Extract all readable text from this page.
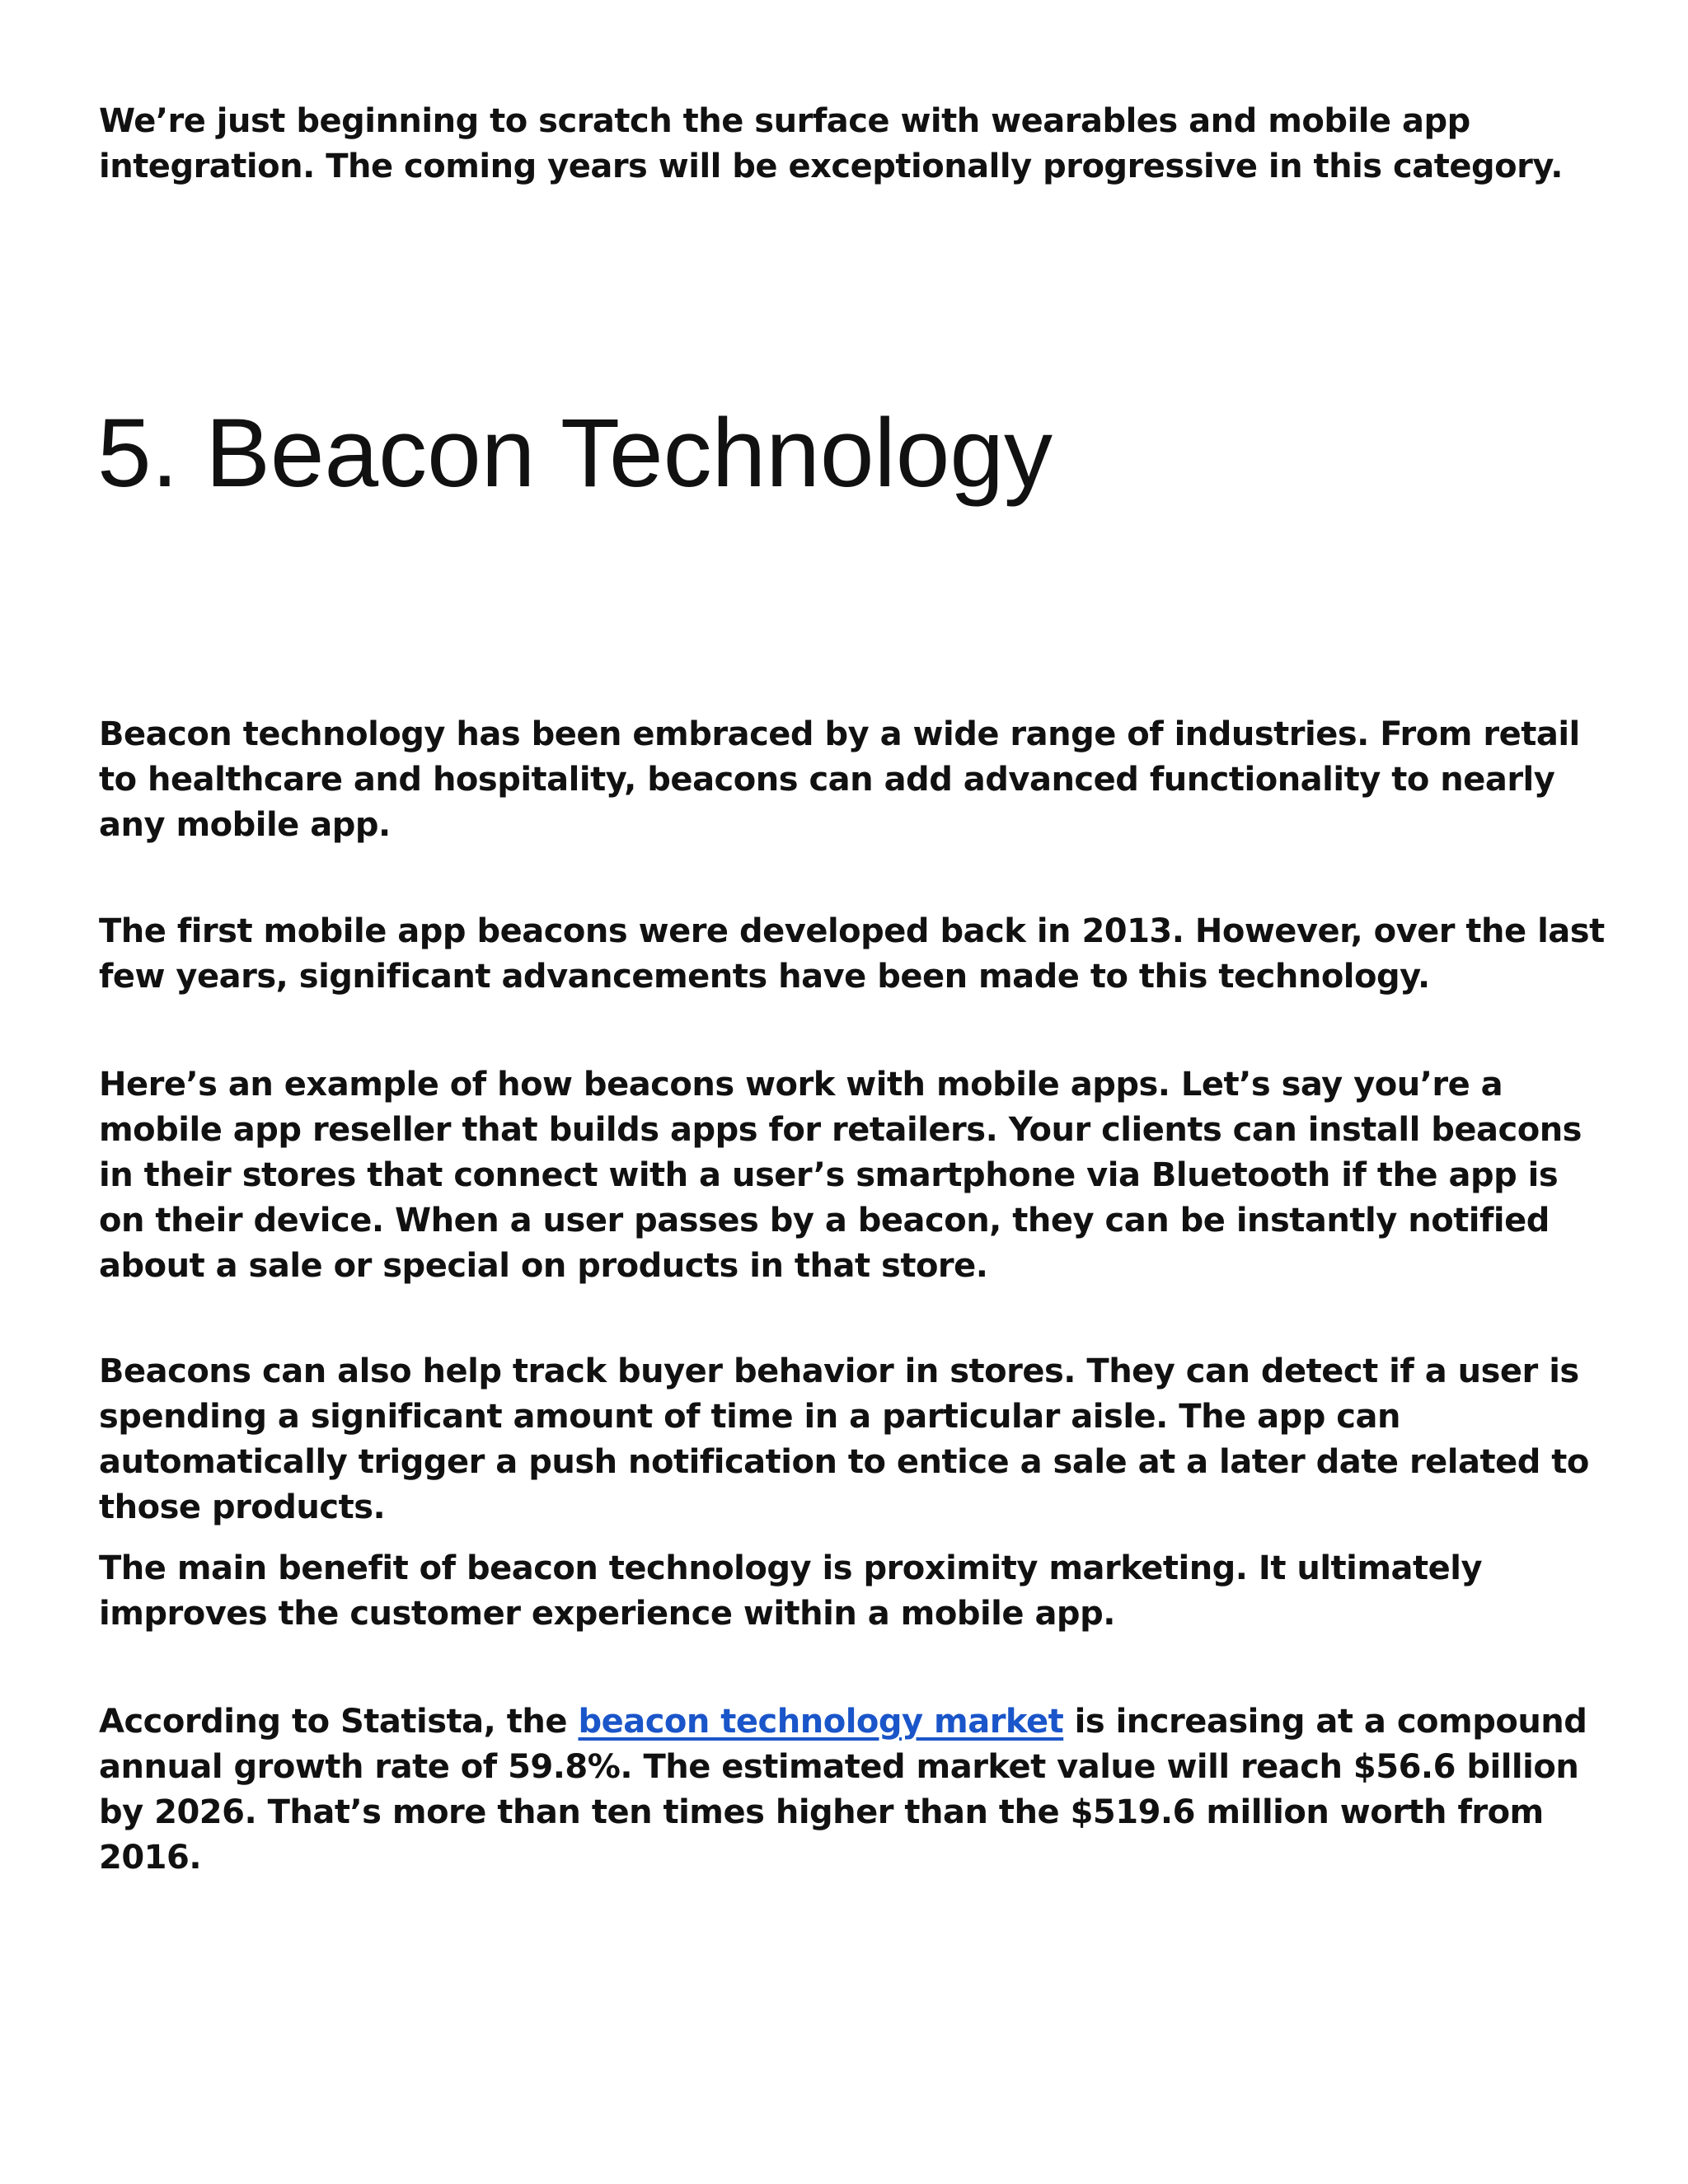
We’re just beginning to scratch the surface with wearables and mobile app integration. The coming years will be exceptionally progressive in this category.

5. Beacon Technology

Beacon technology has been embraced by a wide range of industries. From retail to healthcare and hospitality, beacons can add advanced functionality to nearly any mobile app.

The first mobile app beacons were developed back in 2013. However, over the last few years, significant advancements have been made to this technology.

Here’s an example of how beacons work with mobile apps. Let’s say you’re a mobile app reseller that builds apps for retailers. Your clients can install beacons in their stores that connect with a user’s smartphone via Bluetooth if the app is on their device. When a user passes by a beacon, they can be instantly notified about a sale or special on products in that store.

Beacons can also help track buyer behavior in stores. They can detect if a user is spending a significant amount of time in a particular aisle. The app can automatically trigger a push notification to entice a sale at a later date related to those products.

The main benefit of beacon technology is proximity marketing. It ultimately improves the customer experience within a mobile app.

According to Statista, the beacon technology market is increasing at a compound annual growth rate of 59.8%. The estimated market value will reach $56.6 billion by 2026. That’s more than ten times higher than the $519.6 million worth from 2016.
